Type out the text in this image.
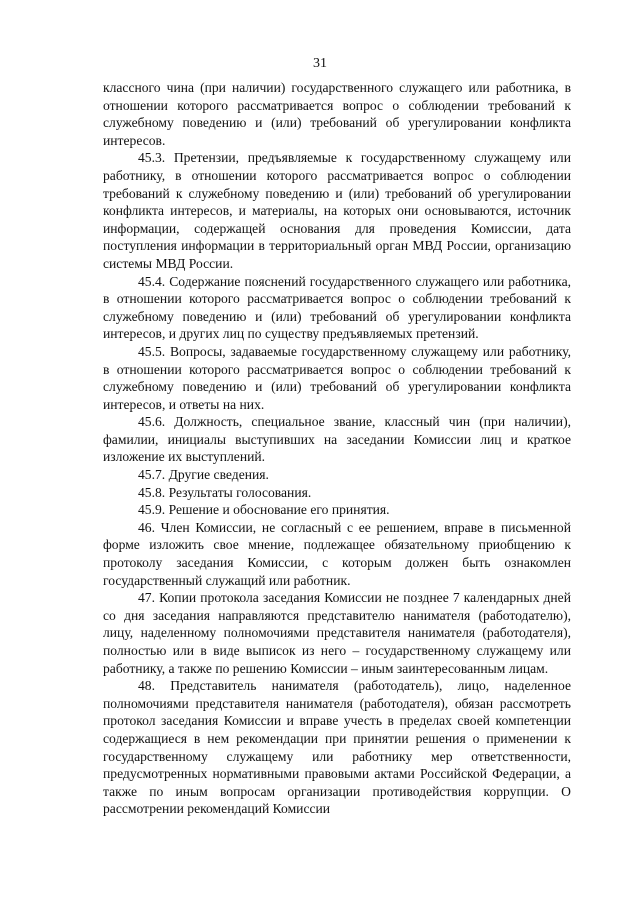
31

классного чина (при наличии) государственного служащего или работника, в отношении которого рассматривается вопрос о соблюдении требований к служебному поведению и (или) требований об урегулировании конфликта интересов.

45.3. Претензии, предъявляемые к государственному служащему или работнику, в отношении которого рассматривается вопрос о соблюдении требований к служебному поведению и (или) требований об урегулировании конфликта интересов, и материалы, на которых они основываются, источник информации, содержащей основания для проведения Комиссии, дата поступления информации в территориальный орган МВД России, организацию системы МВД России.

45.4. Содержание пояснений государственного служащего или работника, в отношении которого рассматривается вопрос о соблюдении требований к служебному поведению и (или) требований об урегулировании конфликта интересов, и других лиц по существу предъявляемых претензий.

45.5. Вопросы, задаваемые государственному служащему или работнику, в отношении которого рассматривается вопрос о соблюдении требований к служебному поведению и (или) требований об урегулировании конфликта интересов, и ответы на них.

45.6. Должность, специальное звание, классный чин (при наличии), фамилии, инициалы выступивших на заседании Комиссии лиц и краткое изложение их выступлений.

45.7. Другие сведения.

45.8. Результаты голосования.

45.9. Решение и обоснование его принятия.

46. Член Комиссии, не согласный с ее решением, вправе в письменной форме изложить свое мнение, подлежащее обязательному приобщению к протоколу заседания Комиссии, с которым должен быть ознакомлен государственный служащий или работник.

47. Копии протокола заседания Комиссии не позднее 7 календарных дней со дня заседания направляются представителю нанимателя (работодателю), лицу, наделенному полномочиями представителя нанимателя (работодателя), полностью или в виде выписок из него – государственному служащему или работнику, а также по решению Комиссии – иным заинтересованным лицам.

48. Представитель нанимателя (работодатель), лицо, наделенное полномочиями представителя нанимателя (работодателя), обязан рассмотреть протокол заседания Комиссии и вправе учесть в пределах своей компетенции содержащиеся в нем рекомендации при принятии решения о применении к государственному служащему или работнику мер ответственности, предусмотренных нормативными правовыми актами Российской Федерации, а также по иным вопросам организации противодействия коррупции. О рассмотрении рекомендаций Комиссии
